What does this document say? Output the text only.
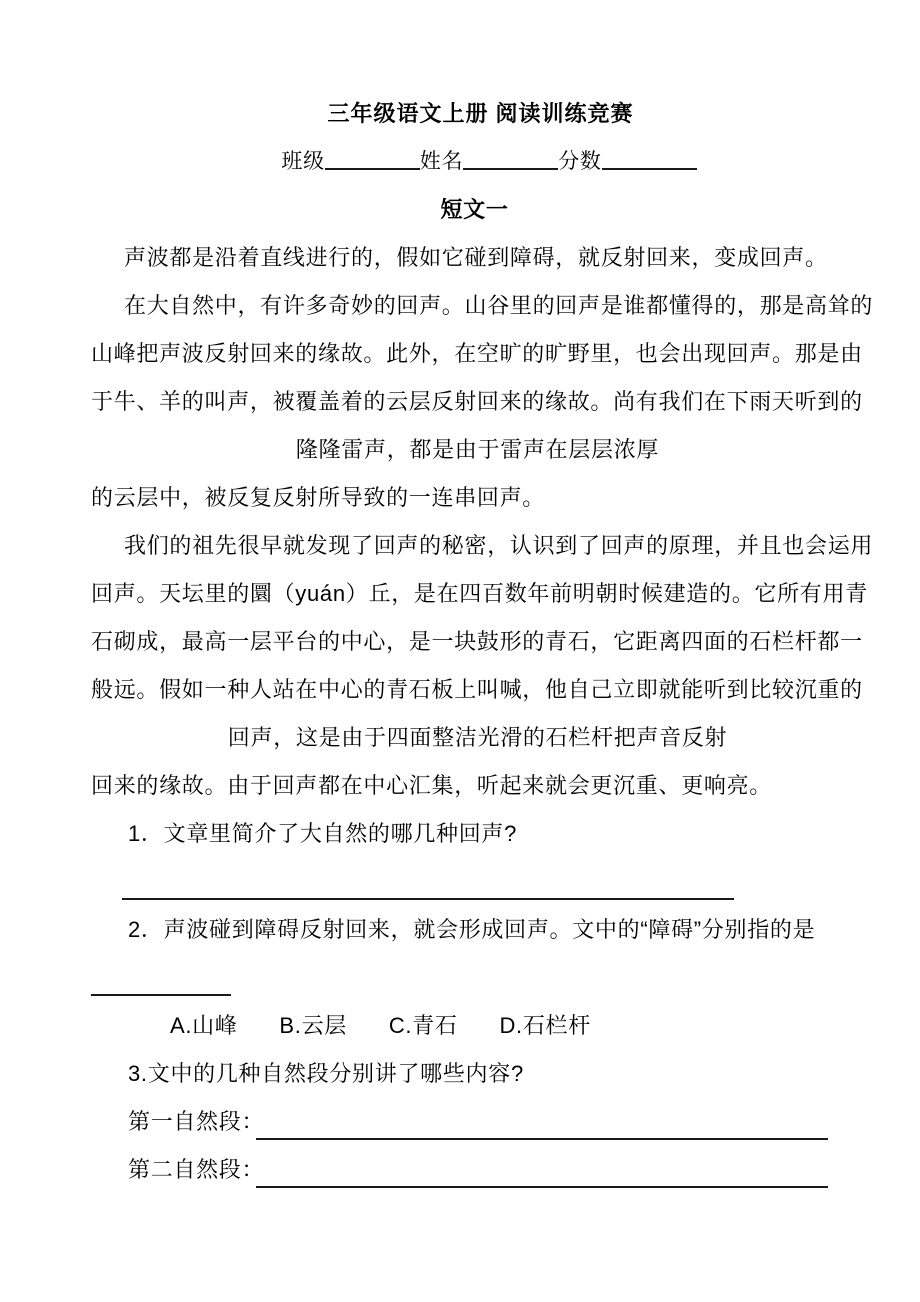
三年级语文上册 阅读训练竞赛
班级	姓名	分数
短文一
声波都是沿着直线进行的，假如它碰到障碍，就反射回来，变成回声。
在大自然中，有许多奇妙的回声。山谷里的回声是谁都懂得的，那是高耸的
山峰把声波反射回来的缘故。此外，在空旷的旷野里，也会出现回声。那是由
于牛、羊的叫声，被覆盖着的云层反射回来的缘故。尚有我们在下雨天听到的
隆隆雷声，都是由于雷声在层层浓厚
的云层中，被反复反射所导致的一连串回声。
我们的祖先很早就发现了回声的秘密，认识到了回声的原理，并且也会运用
回声。天坛里的圜（yuán）丘，是在四百数年前明朝时候建造的。它所有用青
石砌成，最高一层平台的中心，是一块鼓形的青石，它距离四面的石栏杆都一
般远。假如一种人站在中心的青石板上叫喊，他自己立即就能听到比较沉重的
回声，这是由于四面整洁光滑的石栏杆把声音反射
回来的缘故。由于回声都在中心汇集，听起来就会更沉重、更响亮。
1．文章里简介了大自然的哪几种回声?
2．声波碰到障碍反射回来，就会形成回声。文中的“障碍”分别指的是
A.山峰 B.云层 C.青石 D.石栏杆
3.文中的几种自然段分别讲了哪些内容?
第一自然段：
第二自然段：
